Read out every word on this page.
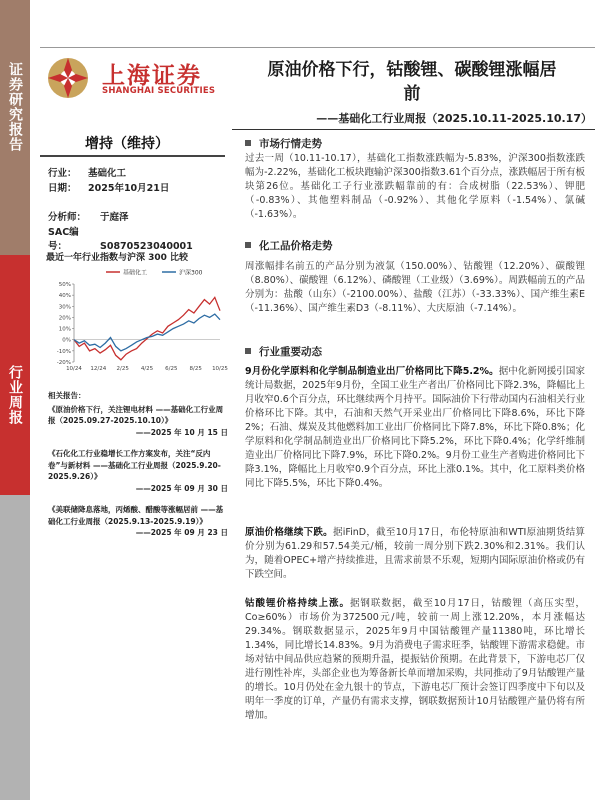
证券研究报告
行业周报
上海证券
SHANGHAI SECURITIES
原油价格下行，钴酸锂、碳酸锂涨幅居
前
——基础化工行业周报（2025.10.11-2025.10.17）
增持（维持）
行业： 基础化工
日期： 2025年10月21日
分析师： 于庭泽
SAC编号：	S0870523040001
最近一年行业指数与沪深 300 比较
基础化工	沪深300
50%
40%
30%
20%
10%
0%
-10%
-20%
10/24 12/24 2/25 4/25 6/25 8/25 10/25
相关报告：
《原油价格下行，关注锂电材料 ——基础化工行业周报（2025.09.27-2025.10.10）》
——2025 年 10 月 15 日
《石化化工行业稳增长工作方案发布，关注“反内卷”与新材料 ——基础化工行业周报（2025.9.20-2025.9.26）》
——2025 年 09 月 30 日
《美联储降息落地，丙烯酸、醋酸等涨幅居前 ——基础化工行业周报（2025.9.13-2025.9.19）》
——2025 年 09 月 23 日
市场行情走势
过去一周（10.11-10.17），基础化工指数涨跌幅为-5.83%，沪深300指数涨跌幅为-2.22%，基础化工板块跑输沪深300指数3.61个百分点，涨跌幅居于所有板块第26位。基础化工子行业涨跌幅靠前的有：合成树脂（22.53%）、钾肥（-0.83%）、其他塑料制品（-0.92%）、其他化学原料（-1.54%）、氯碱（-1.63%）。
化工品价格走势
周涨幅排名前五的产品分别为液氯（150.00%）、钴酸锂（12.20%）、碳酸锂（8.80%）、碳酸锂（6.12%）、磷酸锂（工业级）（3.69%）。周跌幅前五的产品分别为：盐酸（山东）（-2100.00%）、盐酸（江苏）（-33.33%）、国产维生素E（-11.36%）、国产维生素D3（-8.11%）、大庆原油（-7.14%）。
行业重要动态
9月份化学原料和化学制品制造业出厂价格同比下降5.2%。据中化新网援引国家统计局数据，2025年9月份，全国工业生产者出厂价格同比下降2.3%，降幅比上月收窄0.6个百分点，环比继续两个月持平。国际油价下行带动国内石油相关行业价格环比下降。其中，石油和天然气开采业出厂价格同比下降8.6%，环比下降2%；石油、煤炭及其他燃料加工业出厂价格同比下降7.8%，环比下降0.8%；化学原料和化学制品制造业出厂价格同比下降5.2%，环比下降0.4%；化学纤维制造业出厂价格同比下降7.9%，环比下降0.2%。9月份工业生产者购进价格同比下降3.1%，降幅比上月收窄0.9个百分点，环比上涨0.1%。其中，化工原料类价格同比下降5.5%，环比下降0.4%。
原油价格继续下跌。据iFinD，截至10月17日，布伦特原油和WTI原油期货结算价分别为61.29和57.54美元/桶，较前一周分别下跌2.30%和2.31%。我们认为，随着OPEC+增产持续推进，且需求前景不乐观，短期内国际原油价格或仍有下跌空间。
钴酸锂价格持续上涨。据钢联数据，截至10月17日，钴酸锂（高压实型，Co≥60%）市场价为372500元/吨，较前一周上涨12.20%，本月涨幅达29.34%。钢联数据显示，2025年9月中国钴酸锂产量11380吨，环比增长1.34%，同比增长14.83%。9月为消费电子需求旺季，钴酸锂下游需求稳健。市场对钴中间品供应趋紧的预期升温，提振钴价预期。在此背景下，下游电芯厂仅进行刚性补库，头部企业也为筹备新长单而增加采购，共同推动了9月钴酸锂产量的增长。10月仍处在金九银十的节点，下游电芯厂预计会签订四季度中下旬以及明年一季度的订单，产量仍有需求支撑，钢联数据预计10月钴酸锂产量仍将有所增加。
